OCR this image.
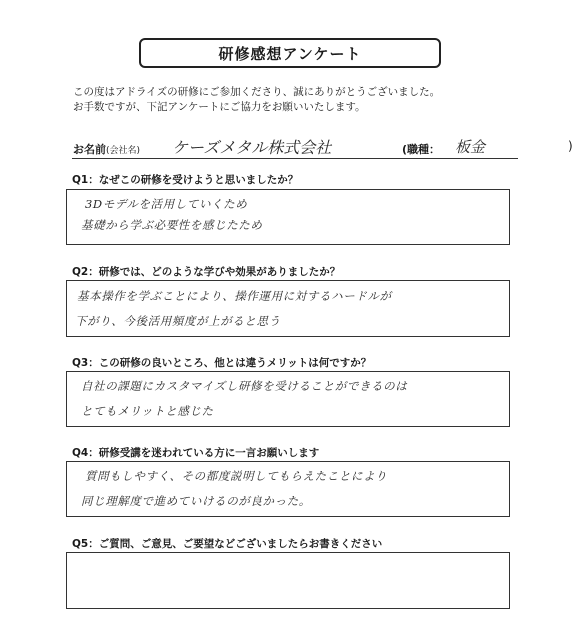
研修感想アンケート
この度はアドライズの研修にご参加くださり、誠にありがとうございました。
お手数ですが、下記アンケートにご協力をお願いいたします。
お名前(会社名) ケーズメタル株式会社	(職種： 板金	)
Q1：なぜこの研修を受けようと思いましたか？
3Dモデルを活用していくため
基礎から学ぶ必要性を感じたため
Q2：研修では、どのような学びや効果がありましたか？
基本操作を学ぶことにより、操作運用に対するハードルが
下がり、今後活用頻度が上がると思う
Q3：この研修の良いところ、他とは違うメリットは何ですか？
自社の課題にカスタマイズし研修を受けることができるのは
とてもメリットと感じた
Q4：研修受講を迷われている方に一言お願いします
質問もしやすく、その都度説明してもらえたことにより
同じ理解度で進めていけるのが良かった。
Q5：ご質問、ご意見、ご要望などございましたらお書きください
